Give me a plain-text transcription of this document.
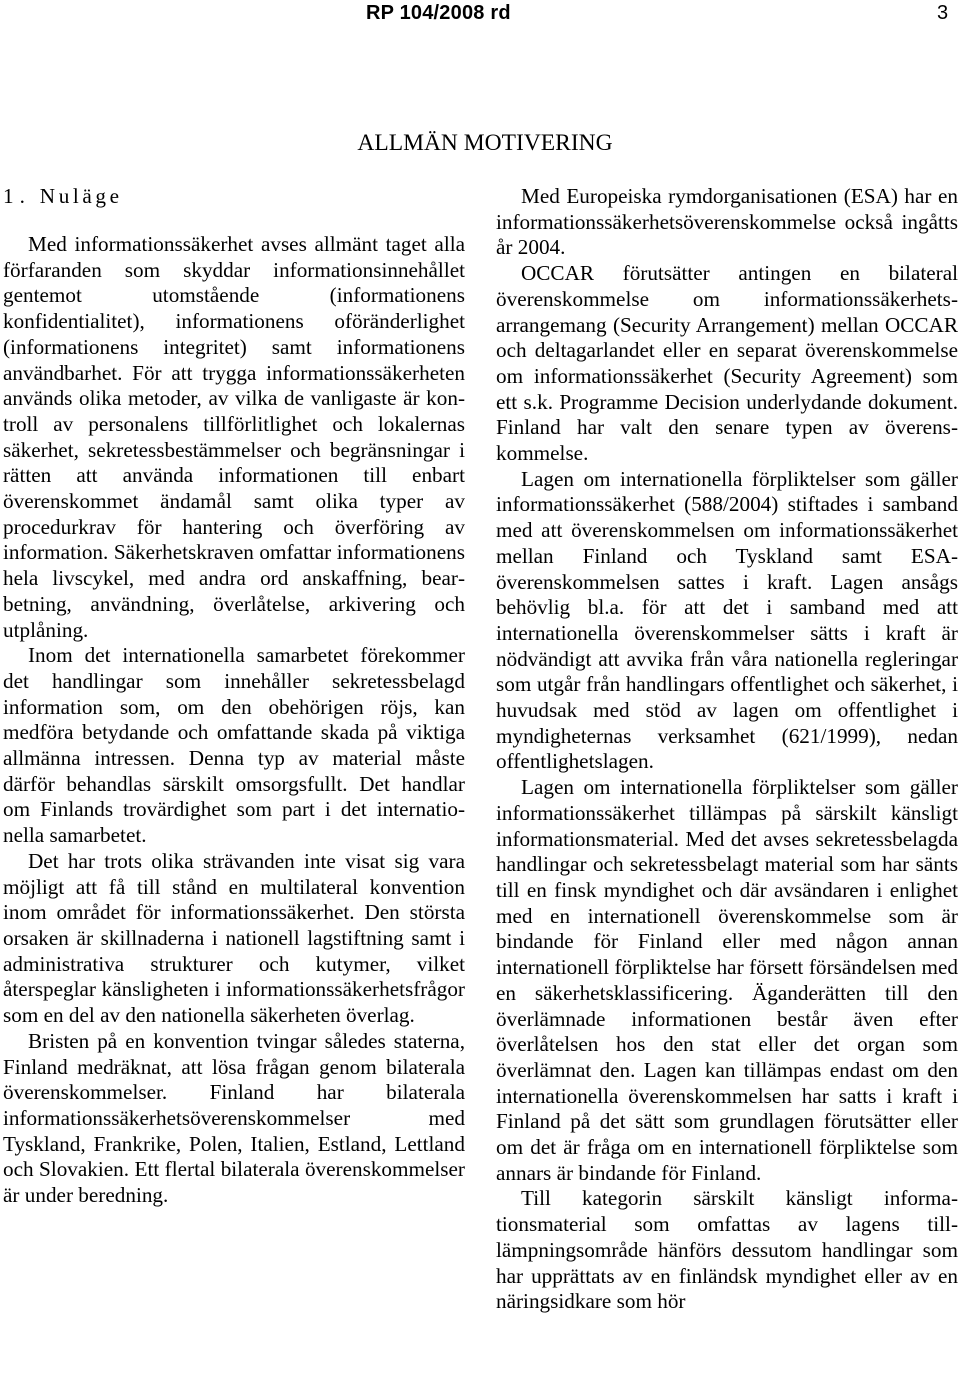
RP 104/2008 rd	3
ALLMÄN MOTIVERING
1. Nuläge

Med informationssäkerhet avses allmänt taget alla förfaranden som skyddar informationsinnehållet gentemot utomstående (informationens konfidentialitet), informationens oföränderlighet (informationens integritet) samt informationens användbarhet. För att trygga informationssäkerheten används olika metoder, av vilka de vanligaste är kontroll av personalens tillförlitlighet och lokalernas säkerhet, sekretessbestämmelser och begränsningar i rätten att använda informationen till enbart överenskommet ändamål samt olika typer av procedurkrav för hantering och överföring av information. Säkerhetskraven omfattar informationens hela livscykel, med andra ord anskaffning, bearbetning, användning, överlåtelse, arkivering och utplåning.

Inom det internationella samarbetet förekommer det handlingar som innehåller sekretessbelagd information som, om den obehörigen röjs, kan medföra betydande och omfattande skada på viktiga allmänna intressen. Denna typ av material måste därför behandlas särskilt omsorgsfullt. Det handlar om Finlands trovärdighet som part i det internationella samarbetet.

Det har trots olika strävanden inte visat sig vara möjligt att få till stånd en multilateral konvention inom området för informationssäkerhet. Den största orsaken är skillnaderna i nationell lagstiftning samt i administrativa strukturer och kutymer, vilket återspeglar känsligheten i informationssäkerhetsfrågor som en del av den nationella säkerheten överlag.

Bristen på en konvention tvingar således staterna, Finland medräknat, att lösa frågan genom bilaterala överenskommelser. Finland har bilaterala informationssäkerhetsöverenskommelser med Tyskland, Frankrike, Polen, Italien, Estland, Lettland och Slovakien. Ett flertal bilaterala överenskommelser är under beredning.

Med Europeiska rymdorganisationen (ESA) har en informationssäkerhetsöverenskommelse också ingåtts år 2004.

OCCAR förutsätter antingen en bilateral överenskommelse om informationssäkerhetsarrangemang (Security Arrangement) mellan OCCAR och deltagarlandet eller en separat överenskommelse om informationssäkerhet (Security Agreement) som ett s.k. Programme Decision underlydande dokument. Finland har valt den senare typen av överenskommelse.

Lagen om internationella förpliktelser som gäller informationssäkerhet (588/2004) stiftades i samband med att överenskommelsen om informationssäkerhet mellan Finland och Tyskland samt ESA-överenskommelsen sattes i kraft. Lagen ansågs behövlig bl.a. för att det i samband med att internationella överenskommelser sätts i kraft är nödvändigt att avvika från våra nationella regleringar som utgår från handlingars offentlighet och säkerhet, i huvudsak med stöd av lagen om offentlighet i myndigheternas verksamhet (621/1999), nedan offentlighetslagen.

Lagen om internationella förpliktelser som gäller informationssäkerhet tillämpas på särskilt känsligt informationsmaterial. Med det avses sekretessbelagda handlingar och sekretessbelagt material som har sänts till en finsk myndighet och där avsändaren i enlighet med en internationell överenskommelse som är bindande för Finland eller med någon annan internationell förpliktelse har försett försändelsen med en säkerhetsklassificering. Äganderätten till den överlämnade informationen består även efter överlåtelsen hos den stat eller det organ som överlämnat den. Lagen kan tillämpas endast om den internationella överenskommelsen har satts i kraft i Finland på det sätt som grundlagen förutsätter eller om det är fråga om en internationell förpliktelse som annars är bindande för Finland.

Till kategorin särskilt känsligt informationsmaterial som omfattas av lagens tilllämpningsområde hänförs dessutom handlingar som har upprättats av en finländsk myndighet eller av en näringsidkare som hör
